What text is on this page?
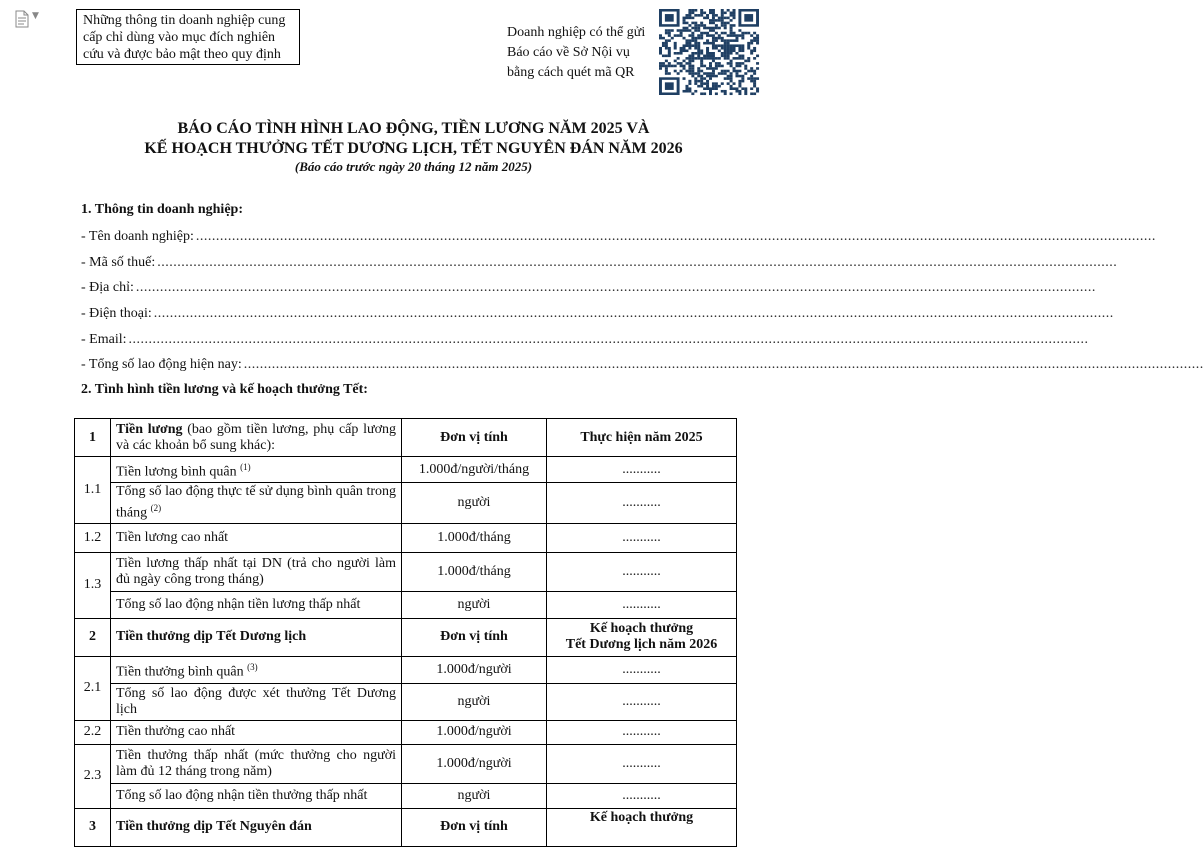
▼	Những thông tin doanh nghiệp cung
cấp chỉ dùng vào mục đích nghiên
cứu và được bảo mật theo quy định
Doanh nghiệp có thể gửi
Báo cáo về Sở Nội vụ
bằng cách quét mã QR
BÁO CÁO TÌNH HÌNH LAO ĐỘNG, TIỀN LƯƠNG NĂM 2025 VÀ
KẾ HOẠCH THƯỞNG TẾT DƯƠNG LỊCH, TẾT NGUYÊN ĐÁN NĂM 2026
(Báo cáo trước ngày 20 tháng 12 năm 2025)
1. Thông tin doanh nghiệp:
- Tên doanh nghiệp: ................................................................................................................................................................................................................................................
- Mã số thuế: ................................................................................................................................................................................................................................................
- Địa chỉ: ................................................................................................................................................................................................................................................
- Điện thoại: ................................................................................................................................................................................................................................................
- Email: ................................................................................................................................................................................................................................................
- Tổng số lao động hiện nay: ................................................................................................................................................................................................................................................
2. Tình hình tiền lương và kế hoạch thưởng Tết:
1	Tiền lương (bao gồm tiền lương, phụ cấp lương và các khoản bổ sung khác):	Đơn vị tính	Thực hiện năm 2025
1.1	Tiền lương bình quân $^{(1)}$	1.000đ/người/tháng	...........
	Tổng số lao động thực tế sử dụng bình quân trong tháng $^{(2)}$	người	...........
1.2	Tiền lương cao nhất	1.000đ/tháng	...........
1.3	Tiền lương thấp nhất tại DN (trả cho người làm đủ ngày công trong tháng)	1.000đ/tháng	...........
	Tổng số lao động nhận tiền lương thấp nhất	người	...........
2	Tiền thưởng dịp Tết Dương lịch	Đơn vị tính	Kế hoạch thưởng
Tết Dương lịch năm 2026

2.1	Tiền thưởng bình quân $^{(3)}$	1.000đ/người	...........
	Tổng số lao động được xét thưởng Tết Dương lịch	người	...........
2.2	Tiền thưởng cao nhất	1.000đ/người	...........
2.3	Tiền thưởng thấp nhất (mức thưởng cho người làm đủ 12 tháng trong năm)	1.000đ/người	...........
	Tổng số lao động nhận tiền thưởng thấp nhất	người	...........
3	Tiền thưởng dịp Tết Nguyên đán	Đơn vị tính	Kế hoạch thưởng
